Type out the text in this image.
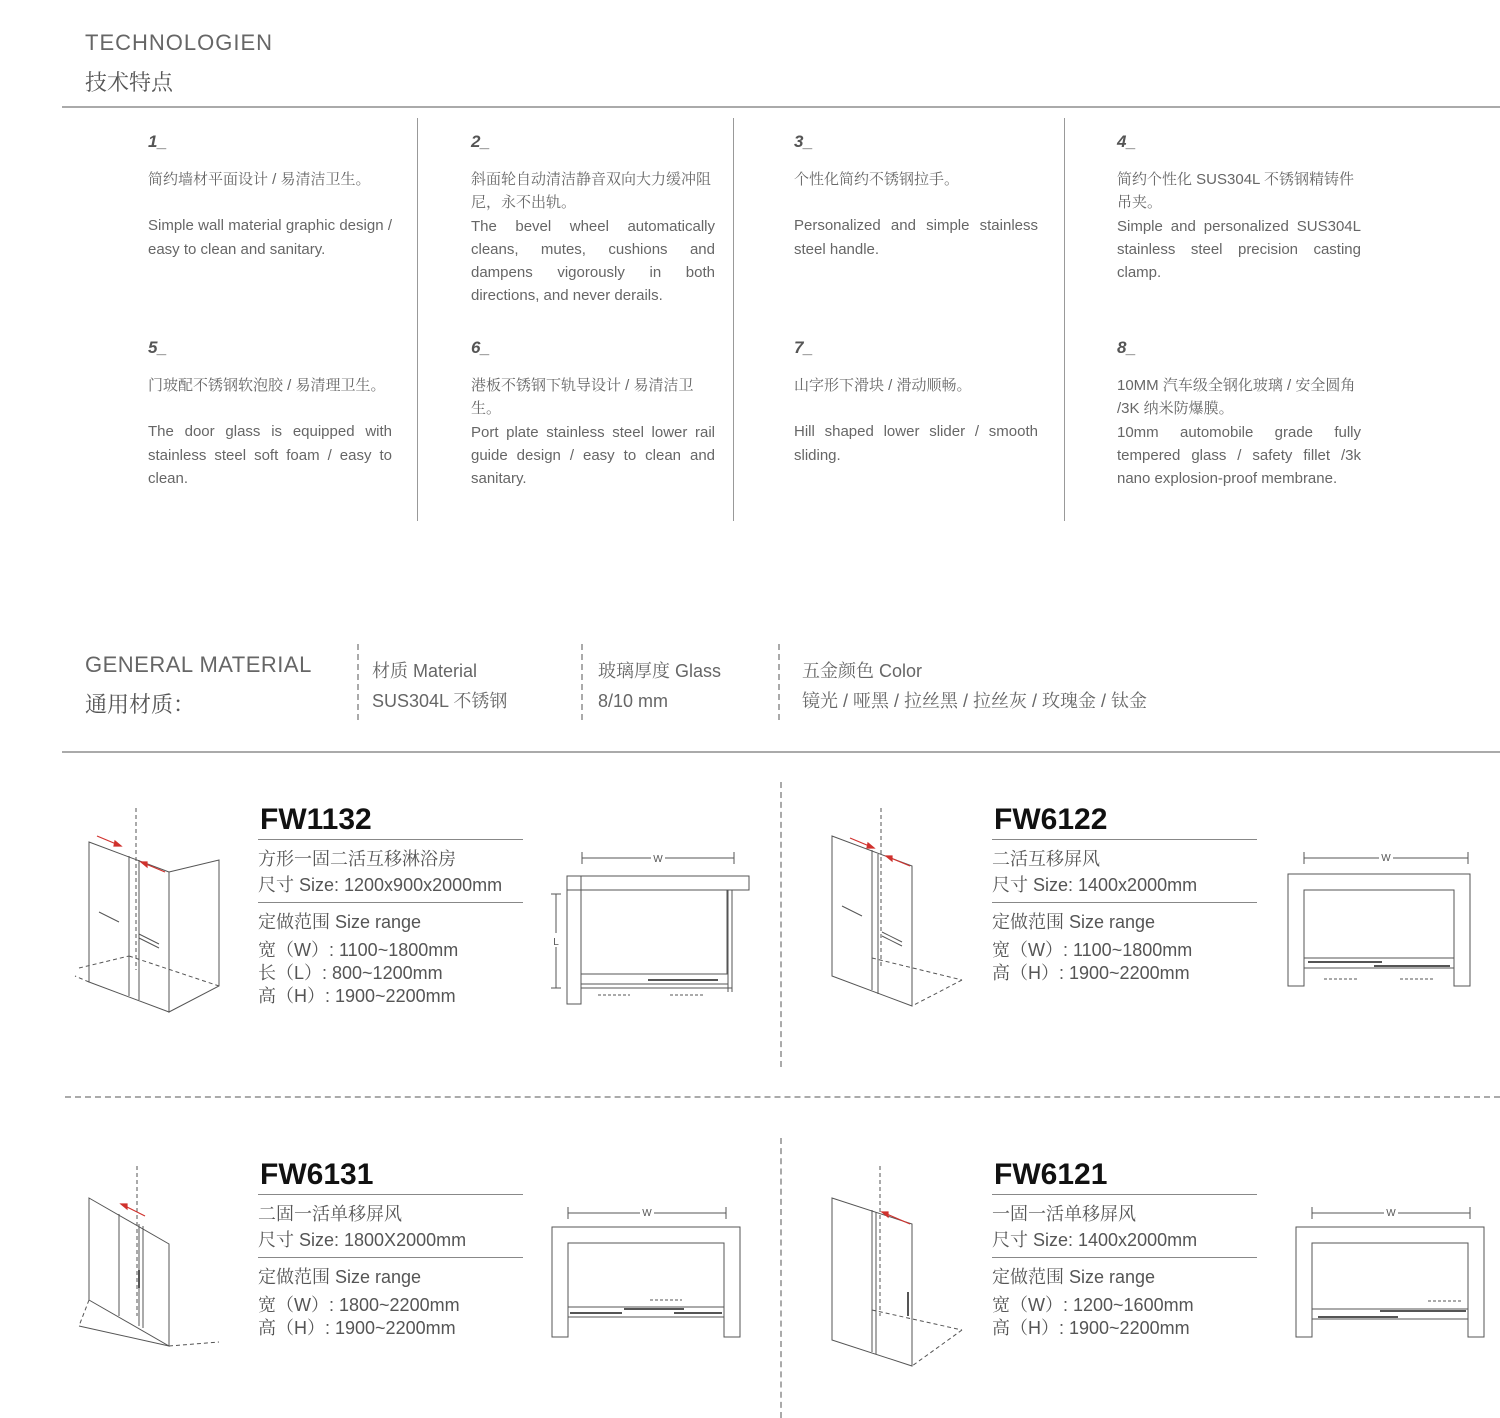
TECHNOLOGIEN
技术特点
1_
简约墙材平面设计 / 易清洁卫生。
Simple wall material graphic design / easy to clean and sanitary.
2_
斜面轮自动清洁静音双向大力缓冲阻尼，永不出轨。
The bevel wheel automatically cleans, mutes, cushions and dampens vigorously in both directions, and never derails.
3_
个性化简约不锈钢拉手。
Personalized and simple stainless steel handle.
4_
简约个性化 SUS304L 不锈钢精铸件吊夹。
Simple and personalized SUS304L stainless steel precision casting clamp.
5_
门玻配不锈钢软泡胶 / 易清理卫生。
The door glass is equipped with stainless steel soft foam / easy to clean.
6_
港板不锈钢下轨导设计 / 易清洁卫生。
Port plate stainless steel lower rail guide design / easy to clean and sanitary.
7_
山字形下滑块 / 滑动顺畅。
Hill shaped lower slider / smooth sliding.
8_
10MM 汽车级全钢化玻璃 / 安全圆角 /3K 纳米防爆膜。
10mm automobile grade fully tempered glass / safety fillet /3k nano explosion-proof membrane.
GENERAL MATERIAL
通用材质：
材质 Material
SUS304L 不锈钢
玻璃厚度 Glass
8/10 mm
五金颜色 Color
镜光 / 哑黑 / 拉丝黑 / 拉丝灰 / 玫瑰金 / 钛金
FW1132
方形一固二活互移淋浴房
尺寸 Size: 1200x900x2000mm
定做范围 Size range
宽（W）: 1100~1800mm
长（L）: 800~1200mm
高（H）: 1900~2200mm
W
L
FW6122
二活互移屏风
尺寸 Size: 1400x2000mm
定做范围 Size range
宽（W）: 1100~1800mm
高（H）: 1900~2200mm
W
FW6131
二固一活单移屏风
尺寸 Size: 1800X2000mm
定做范围 Size range
宽（W）: 1800~2200mm
高（H）: 1900~2200mm
W
FW6121
一固一活单移屏风
尺寸 Size: 1400x2000mm
定做范围 Size range
宽（W）: 1200~1600mm
高（H）: 1900~2200mm
W
